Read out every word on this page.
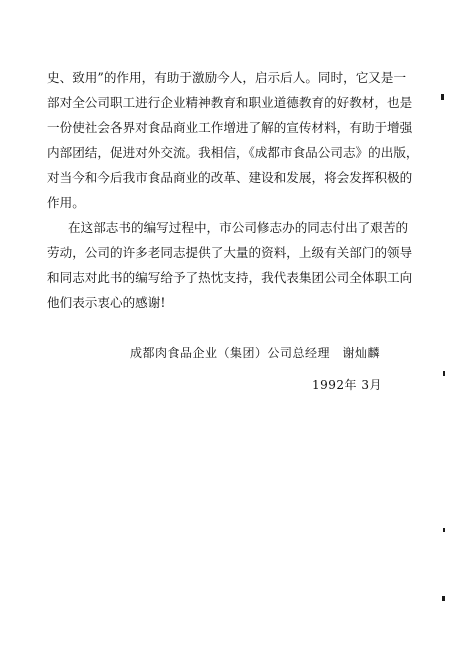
史、致用”的作用，有助于激励今人，启示后人。同时，它又是一
部对全公司职工进行企业精神教育和职业道德教育的好教材，也是
一份使社会各界对食品商业工作增进了解的宣传材料，有助于增强
内部团结，促进对外交流。我相信，《成都市食品公司志》的出版，
对当今和今后我市食品商业的改革、建设和发展，将会发挥积极的
作用。
在这部志书的编写过程中，市公司修志办的同志付出了艰苦的
劳动，公司的许多老同志提供了大量的资料，上级有关部门的领导
和同志对此书的编写给予了热忱支持，我代表集团公司全体职工向
他们表示衷心的感谢!
成都肉食品企业（集团）公司总经理　谢灿麟
1992年 3月
